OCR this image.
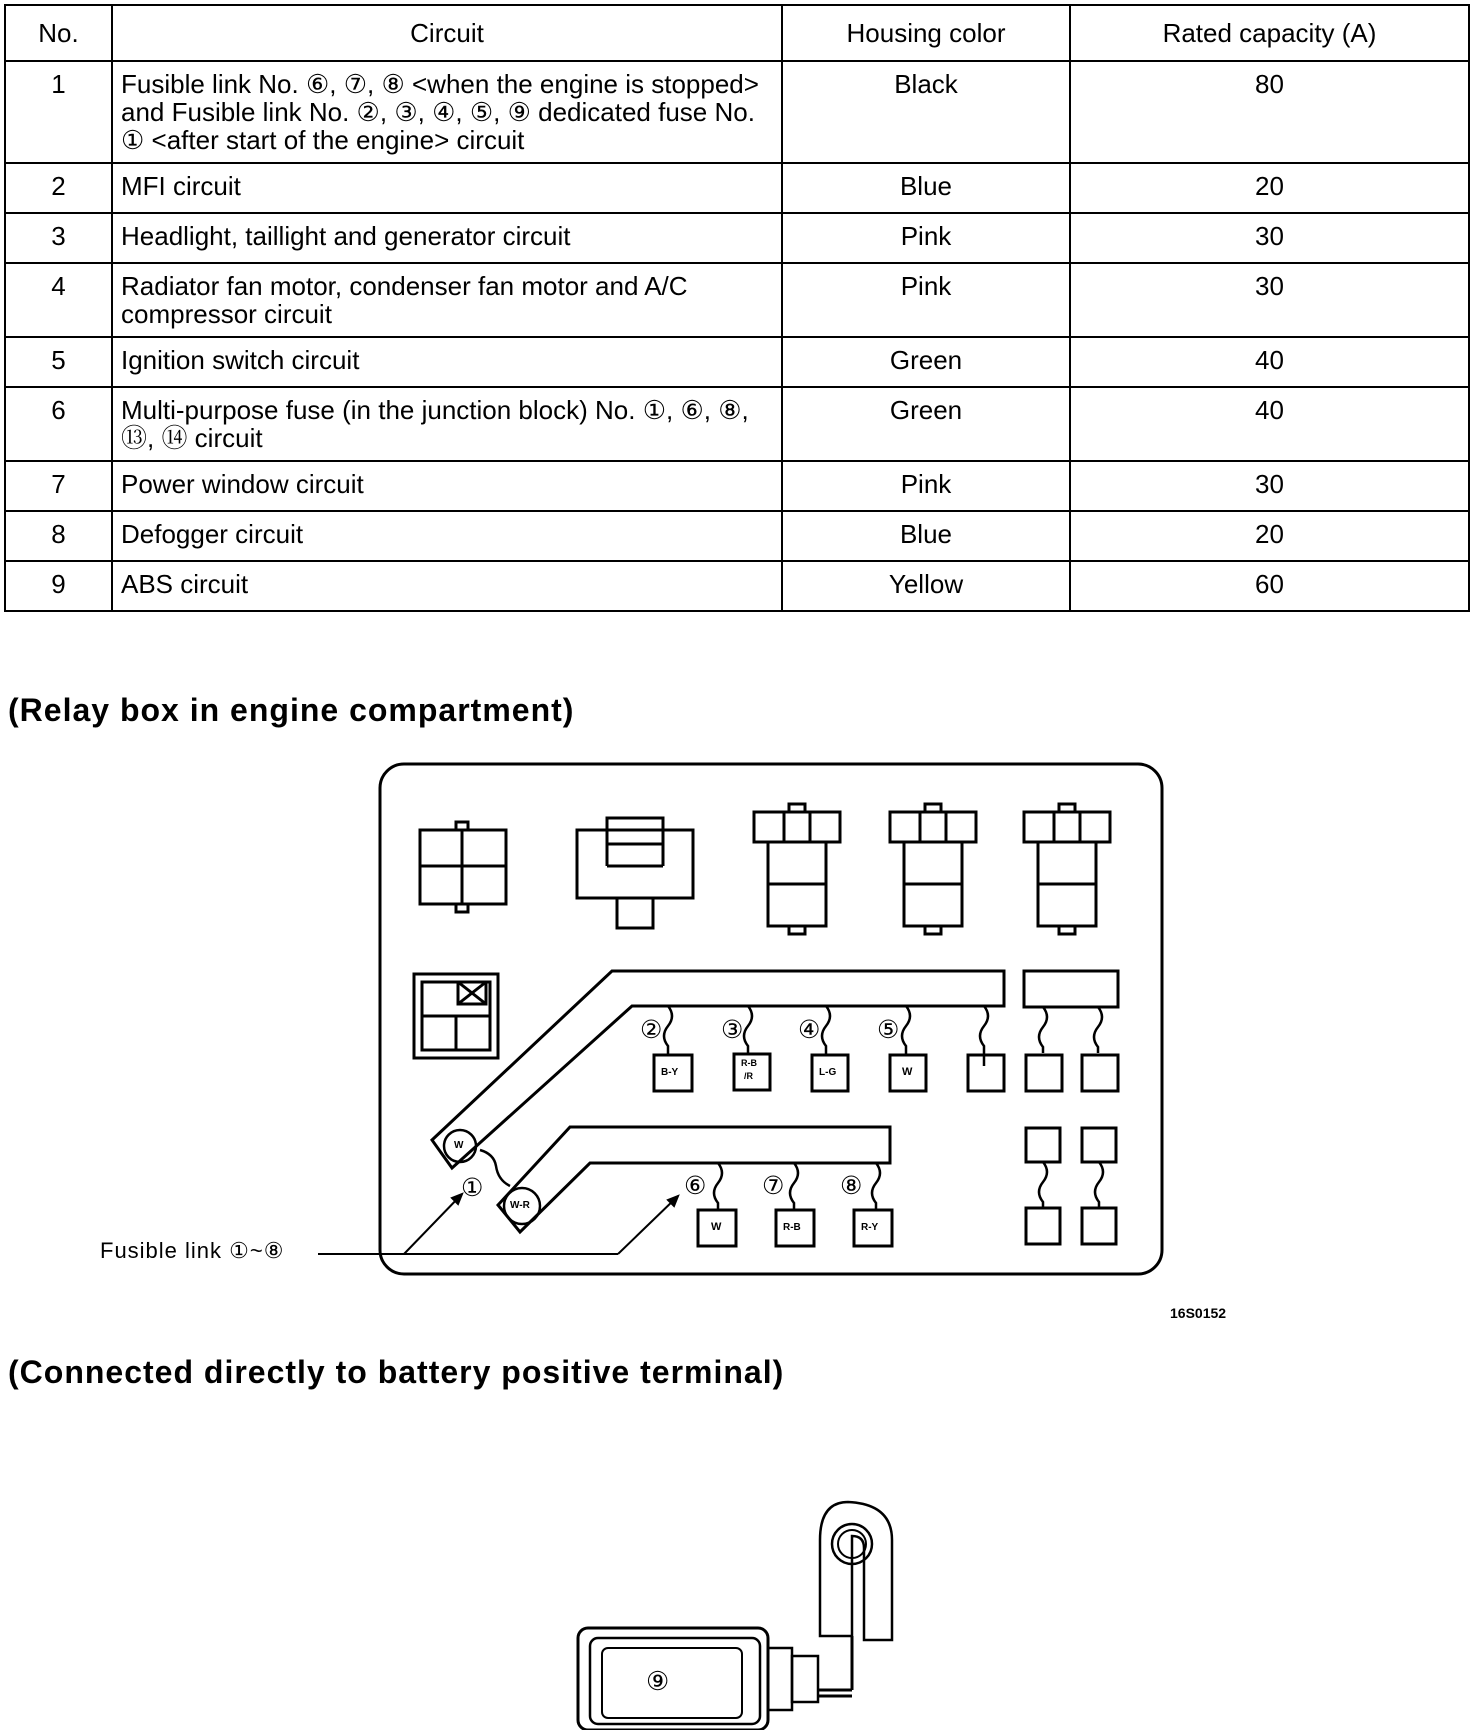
No.	Circuit	Housing color	Rated capacity (A)
1	Fusible link No. ⑥, ⑦, ⑧ <when the engine is stopped> and Fusible link No. ②, ③, ④, ⑤, ⑨ dedicated fuse No. ① <after start of the engine> circuit	Black	80
2	MFI circuit	Blue	20
3	Headlight, taillight and generator circuit	Pink	30
4	Radiator fan motor, condenser fan motor and A/C compressor circuit	Pink	30
5	Ignition switch circuit	Green	40
6	Multi-purpose fuse (in the junction block) No. ①, ⑥, ⑧, ⑬, ⑭ circuit	Green	40
7	Power window circuit	Pink	30
8	Defogger circuit	Blue	20
9	ABS circuit	Yellow	60
(Relay box in engine compartment)
(Connected directly to battery positive terminal)
Fusible link ①~⑧
16S0152
①
② ③ ④ ⑤
⑥ ⑦ ⑧
W
W-R
B-Y
R-B
/R	L-G	W
W	R-B	R-Y
⑨
